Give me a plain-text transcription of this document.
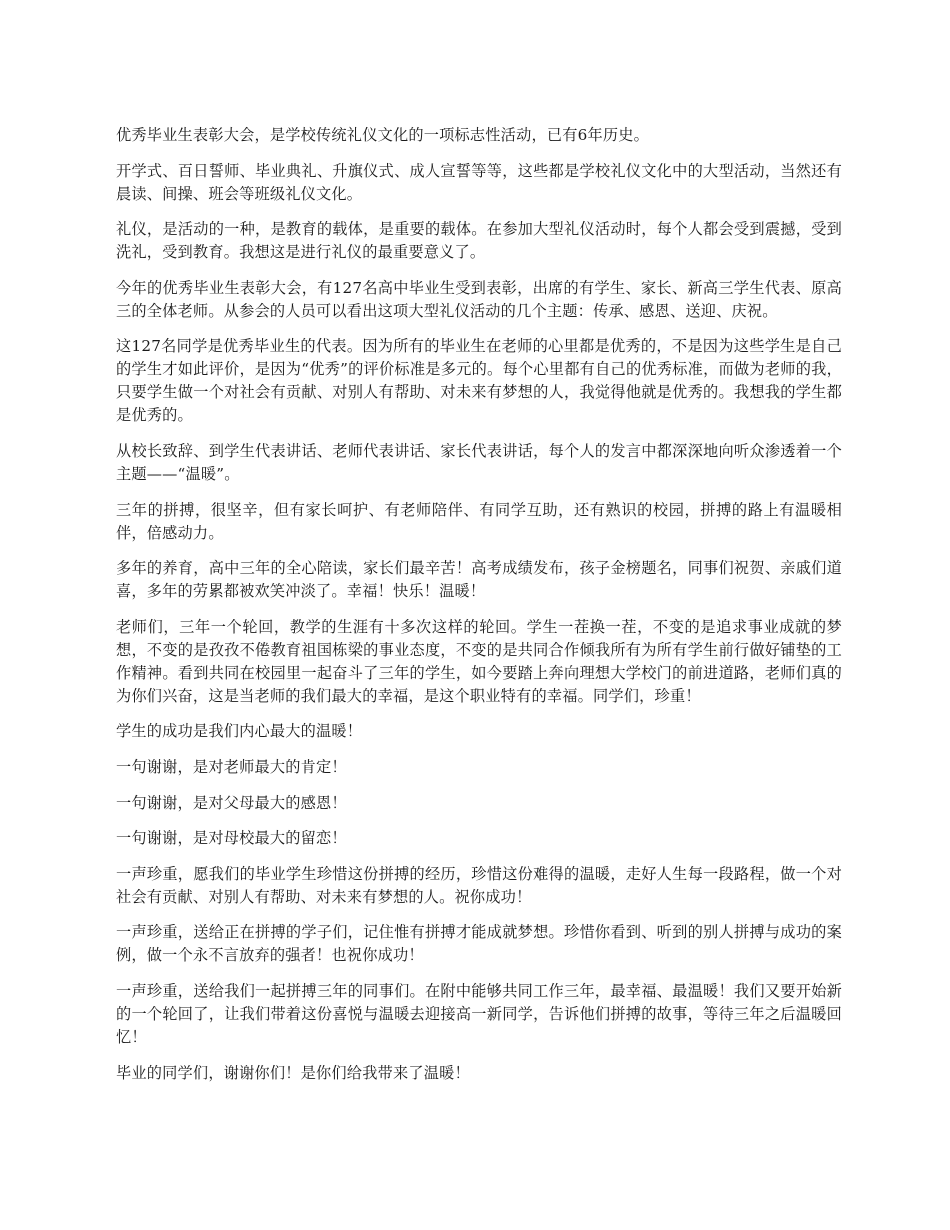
优秀毕业生表彰大会，是学校传统礼仪文化的一项标志性活动，已有6年历史。

开学式、百日誓师、毕业典礼、升旗仪式、成人宣誓等等，这些都是学校礼仪文化中的大型活动，当然还有晨读、间操、班会等班级礼仪文化。

礼仪，是活动的一种，是教育的载体，是重要的载体。在参加大型礼仪活动时，每个人都会受到震撼，受到洗礼，受到教育。我想这是进行礼仪的最重要意义了。

今年的优秀毕业生表彰大会，有127名高中毕业生受到表彰，出席的有学生、家长、新高三学生代表、原高三的全体老师。从参会的人员可以看出这项大型礼仪活动的几个主题：传承、感恩、送迎、庆祝。

这127名同学是优秀毕业生的代表。因为所有的毕业生在老师的心里都是优秀的，不是因为这些学生是自己的学生才如此评价，是因为“优秀”的评价标准是多元的。每个心里都有自己的优秀标准，而做为老师的我，只要学生做一个对社会有贡献、对别人有帮助、对未来有梦想的人，我觉得他就是优秀的。我想我的学生都是优秀的。

从校长致辞、到学生代表讲话、老师代表讲话、家长代表讲话，每个人的发言中都深深地向听众渗透着一个主题——“温暖”。

三年的拼搏，很坚辛，但有家长呵护、有老师陪伴、有同学互助，还有熟识的校园，拼搏的路上有温暖相伴，倍感动力。

多年的养育，高中三年的全心陪读，家长们最辛苦！高考成绩发布，孩子金榜题名，同事们祝贺、亲戚们道喜，多年的劳累都被欢笑冲淡了。幸福！快乐！温暖！

老师们，三年一个轮回，教学的生涯有十多次这样的轮回。学生一茬换一茬，不变的是追求事业成就的梦想，不变的是孜孜不倦教育祖国栋梁的事业态度，不变的是共同合作倾我所有为所有学生前行做好铺垫的工作精神。看到共同在校园里一起奋斗了三年的学生，如今要踏上奔向理想大学校门的前进道路，老师们真的为你们兴奋，这是当老师的我们最大的幸福，是这个职业特有的幸福。同学们，珍重！

学生的成功是我们内心最大的温暖！

一句谢谢，是对老师最大的肯定！

一句谢谢，是对父母最大的感恩！

一句谢谢，是对母校最大的留恋！

一声珍重，愿我们的毕业学生珍惜这份拼搏的经历，珍惜这份难得的温暖，走好人生每一段路程，做一个对社会有贡献、对别人有帮助、对未来有梦想的人。祝你成功！

一声珍重，送给正在拼搏的学子们，记住惟有拼搏才能成就梦想。珍惜你看到、听到的别人拼搏与成功的案例，做一个永不言放弃的强者！也祝你成功！

一声珍重，送给我们一起拼搏三年的同事们。在附中能够共同工作三年，最幸福、最温暖！我们又要开始新的一个轮回了，让我们带着这份喜悦与温暖去迎接高一新同学，告诉他们拼搏的故事，等待三年之后温暖回忆！

毕业的同学们，谢谢你们！是你们给我带来了温暖！
